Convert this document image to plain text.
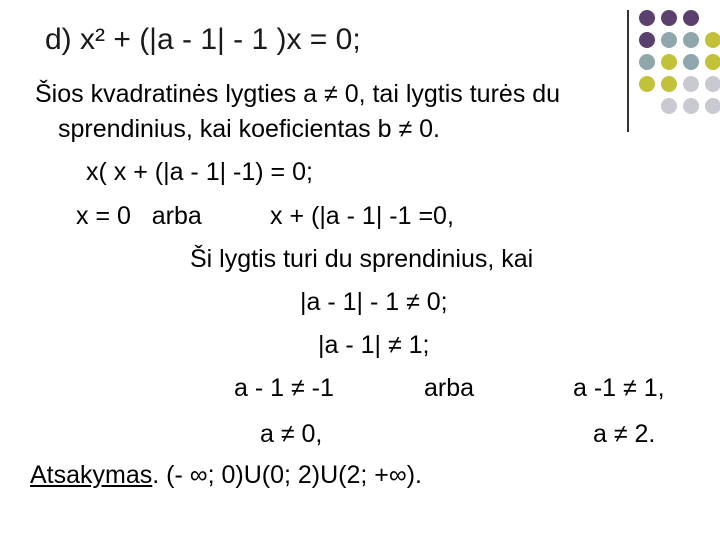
d) x² + (|a - 1| - 1 )x = 0;
Šios kvadratinės lygties a ≠ 0, tai lygtis turės du
sprendinius, kai koeficientas b ≠ 0.
x( x + (|a - 1| -1) = 0;
x = 0   arba	x + (|a - 1| -1 =0,
Ši lygtis turi du sprendinius, kai
|a - 1| - 1 ≠ 0;
|a - 1| ≠ 1;
a - 1 ≠ -1	arba	a -1 ≠ 1,
a ≠ 0,	a ≠ 2.
Atsakymas. (- ∞; 0)U(0; 2)U(2; +∞).
